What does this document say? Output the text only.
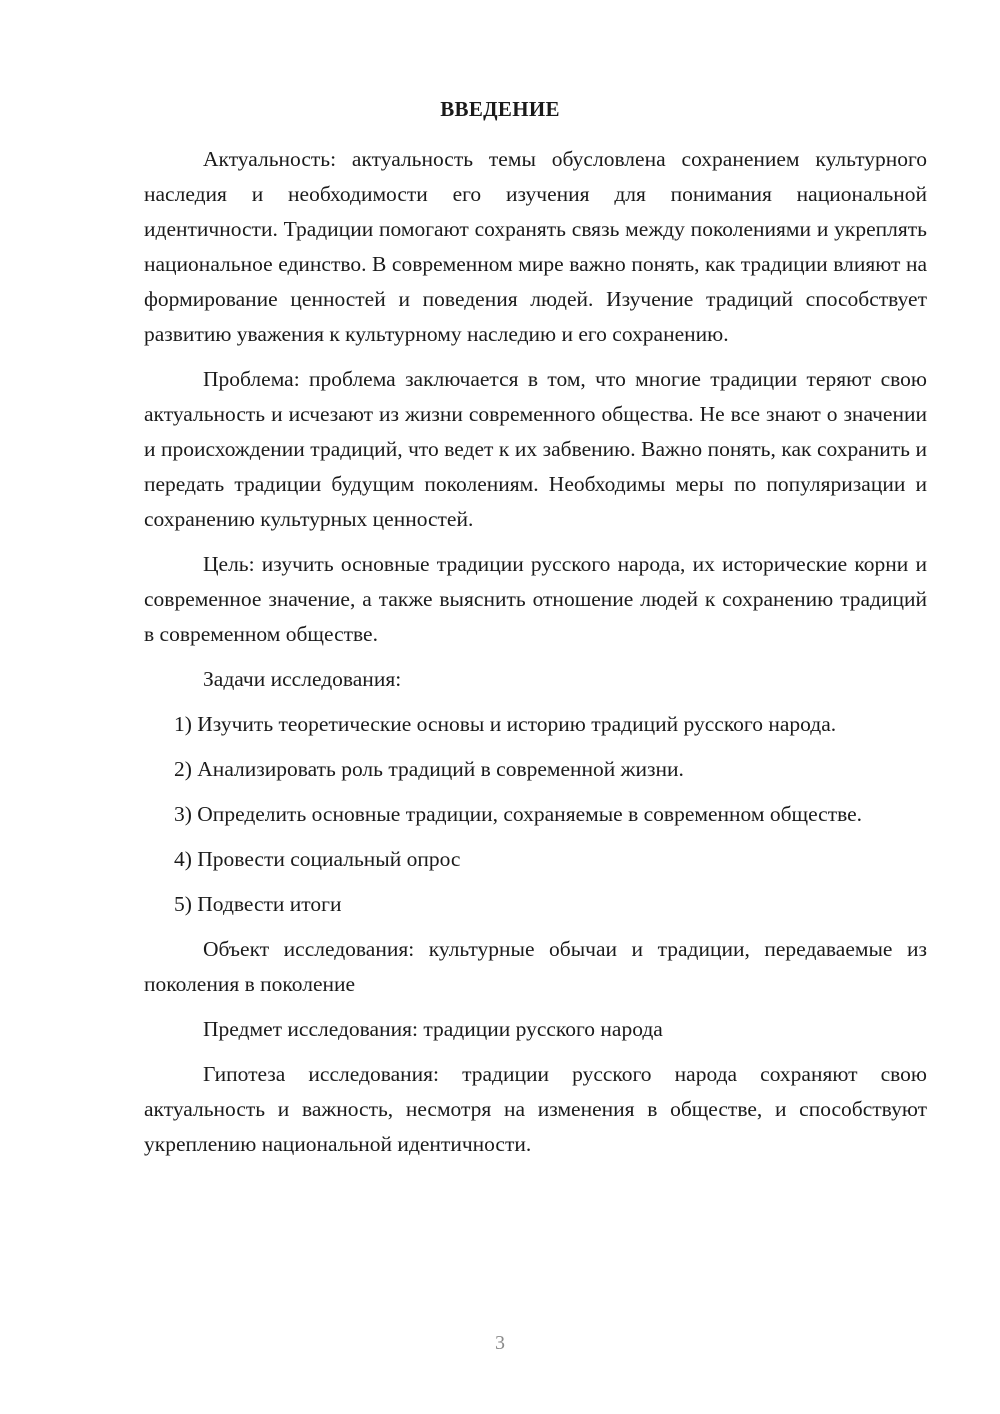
ВВЕДЕНИЕ

Актуальность: актуальность темы обусловлена сохранением культурного наследия и необходимости его изучения для понимания национальной идентичности. Традиции помогают сохранять связь между поколениями и укреплять национальное единство. В современном мире важно понять, как традиции влияют на формирование ценностей и поведения людей. Изучение традиций способствует развитию уважения к культурному наследию и его сохранению.

Проблема: проблема заключается в том, что многие традиции теряют свою актуальность и исчезают из жизни современного общества. Не все знают о значении и происхождении традиций, что ведет к их забвению. Важно понять, как сохранить и передать традиции будущим поколениям. Необходимы меры по популяризации и сохранению культурных ценностей.

Цель: изучить основные традиции русского народа, их исторические корни и современное значение, а также выяснить отношение людей к сохранению традиций в современном обществе.

Задачи исследования:

1) Изучить теоретические основы и историю традиций русского народа.

2) Анализировать роль традиций в современной жизни.

3) Определить основные традиции, сохраняемые в современном обществе.

4) Провести социальный опрос

5) Подвести итоги

Объект исследования: культурные обычаи и традиции, передаваемые из поколения в поколение

Предмет исследования: традиции русского народа

Гипотеза исследования: традиции русского народа сохраняют свою актуальность и важность, несмотря на изменения в обществе, и способствуют укреплению национальной идентичности.

3
